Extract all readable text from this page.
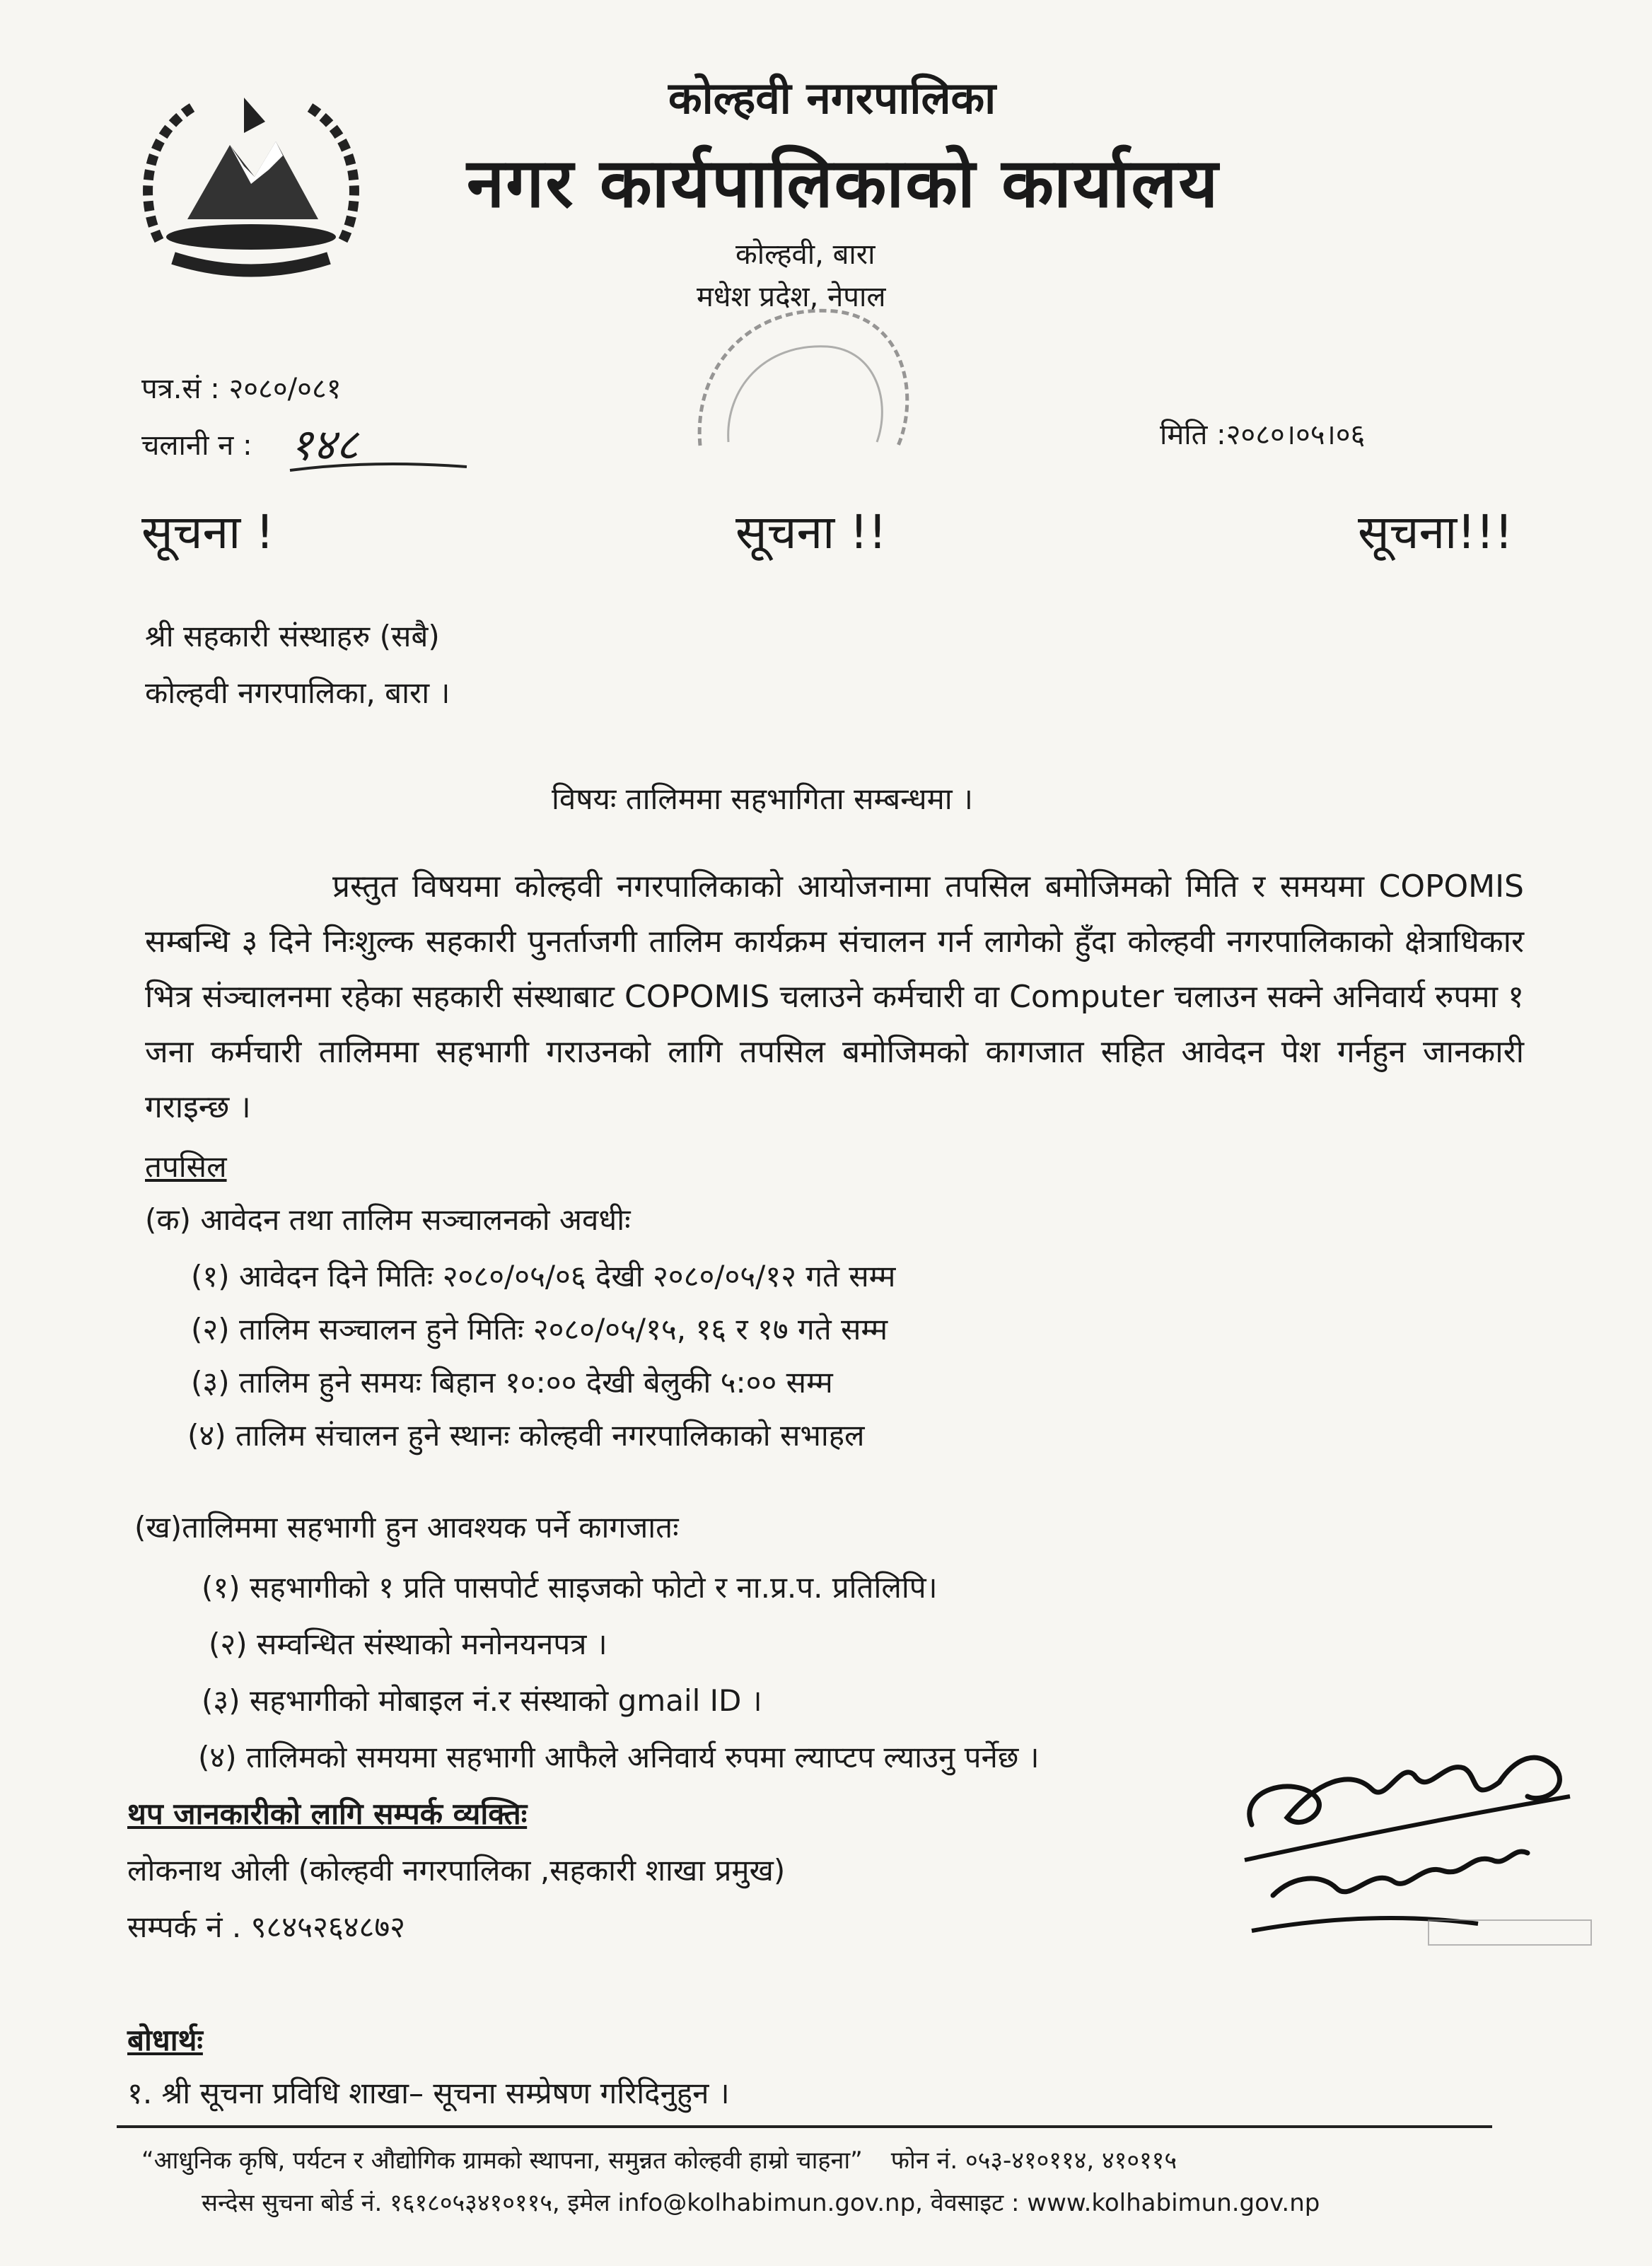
कोल्हवी नगरपालिका
नगर कार्यपालिकाको कार्यालय
कोल्हवी, बारा
मधेश प्रदेश, नेपाल
पत्र.सं : २०८०/०८१
चलानी न : १४८	मिति :२०८०।०५।०६
सूचना !	सूचना !!	सूचना!!!
श्री सहकारी संस्थाहरु (सबै)
कोल्हवी नगरपालिका, बारा ।
विषयः तालिममा सहभागिता सम्बन्धमा ।
प्रस्तुत विषयमा कोल्हवी नगरपालिकाको आयोजनामा तपसिल बमोजिमको मिति र समयमा COPOMIS सम्बन्धि ३ दिने निःशुल्क सहकारी पुनर्ताजगी तालिम कार्यक्रम संचालन गर्न लागेको हुँदा कोल्हवी नगरपालिकाको क्षेत्राधिकार भित्र संञ्चालनमा रहेका सहकारी संस्थाबाट COPOMIS चलाउने कर्मचारी वा Computer चलाउन सक्ने अनिवार्य रुपमा १ जना कर्मचारी तालिममा सहभागी गराउनको लागि तपसिल बमोजिमको कागजात सहित आवेदन पेश गर्नहुन जानकारी गराइन्छ ।
तपसिल
(क) आवेदन तथा तालिम सञ्चालनको अवधीः
(१) आवेदन दिने मितिः २०८०/०५/०६ देखी २०८०/०५/१२ गते सम्म
(२) तालिम सञ्चालन हुने मितिः २०८०/०५/१५, १६ र १७ गते सम्म
(३) तालिम हुने समयः बिहान १०:०० देखी बेलुकी ५:०० सम्म
(४) तालिम संचालन हुने स्थानः कोल्हवी नगरपालिकाको सभाहल
(ख)तालिममा सहभागी हुन आवश्यक पर्ने कागजातः
(१) सहभागीको १ प्रति पासपोर्ट साइजको फोटो र ना.प्र.प. प्रतिलिपि।
(२) सम्वन्धित संस्थाको मनोनयनपत्र ।
(३) सहभागीको मोबाइल नं.र संस्थाको gmail ID ।
(४) तालिमको समयमा सहभागी आफैले अनिवार्य रुपमा ल्याप्टप ल्याउनु पर्नेछ ।
थप जानकारीको लागि सम्पर्क व्यक्तिः
लोकनाथ ओली (कोल्हवी नगरपालिका ,सहकारी शाखा प्रमुख)
सम्पर्क नं . ९८४५२६४८७२
बोधार्थः
१. श्री सूचना प्रविधि शाखा– सूचना सम्प्रेषण गरिदिनुहुन ।
“आधुनिक कृषि, पर्यटन र औद्योगिक ग्रामको स्थापना, समुन्नत कोल्हवी हाम्रो चाहना” फोन नं. ०५३-४१०११४, ४१०११५
सन्देस सुचना बोर्ड नं. १६१८०५३४१०११५, इमेल info@kolhabimun.gov.np, वेवसाइट : www.kolhabimun.gov.np
